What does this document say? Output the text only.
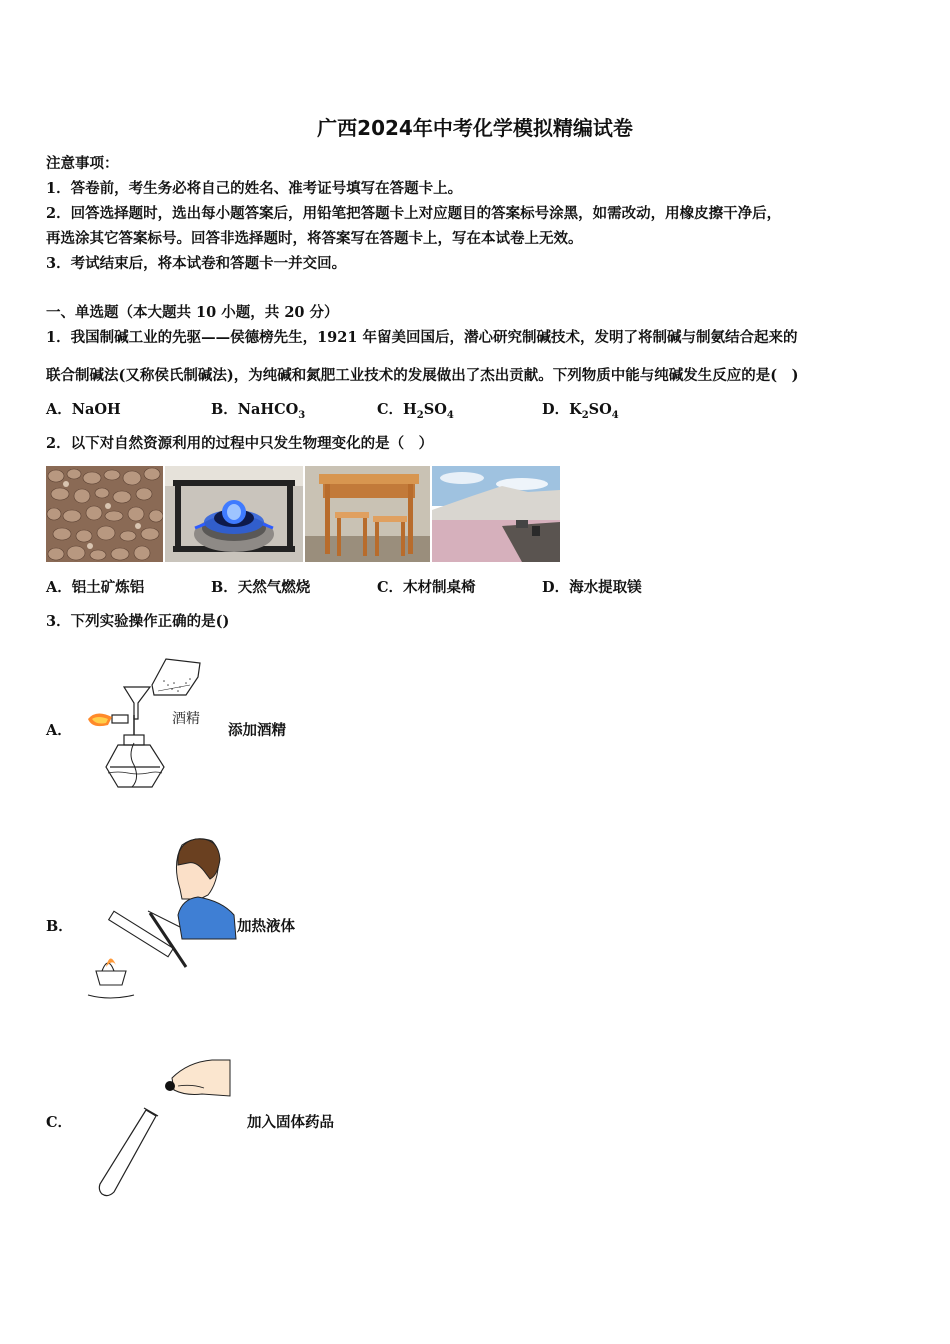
广西2024年中考化学模拟精编试卷
注意事项：
1．答卷前，考生务必将自己的姓名、准考证号填写在答题卡上。
2．回答选择题时，选出每小题答案后，用铅笔把答题卡上对应题目的答案标号涂黑，如需改动，用橡皮擦干净后，
再选涂其它答案标号。回答非选择题时，将答案写在答题卡上，写在本试卷上无效。
3．考试结束后，将本试卷和答题卡一并交回。
一、单选题（本大题共 10 小题，共 20 分）
1．我国制碱工业的先驱——侯德榜先生，1921 年留美回国后，潜心研究制碱技术，发明了将制碱与制氨结合起来的
联合制碱法(又称侯氏制碱法)，为纯碱和氮肥工业技术的发展做出了杰出贡献。下列物质中能与纯碱发生反应的是(　)
A．NaOH	B．NaHCO$_3$	C．$H_2SO_4$	D．$K_2SO_4$
2．以下对自然资源利用的过程中只发生物理变化的是（　）
A．铝土矿炼铝	B．天然气燃烧	C．木材制桌椅	D．海水提取镁
3．下列实验操作正确的是()
A．
酒精
添加酒精
B．	加热液体
C．	加入固体药品
